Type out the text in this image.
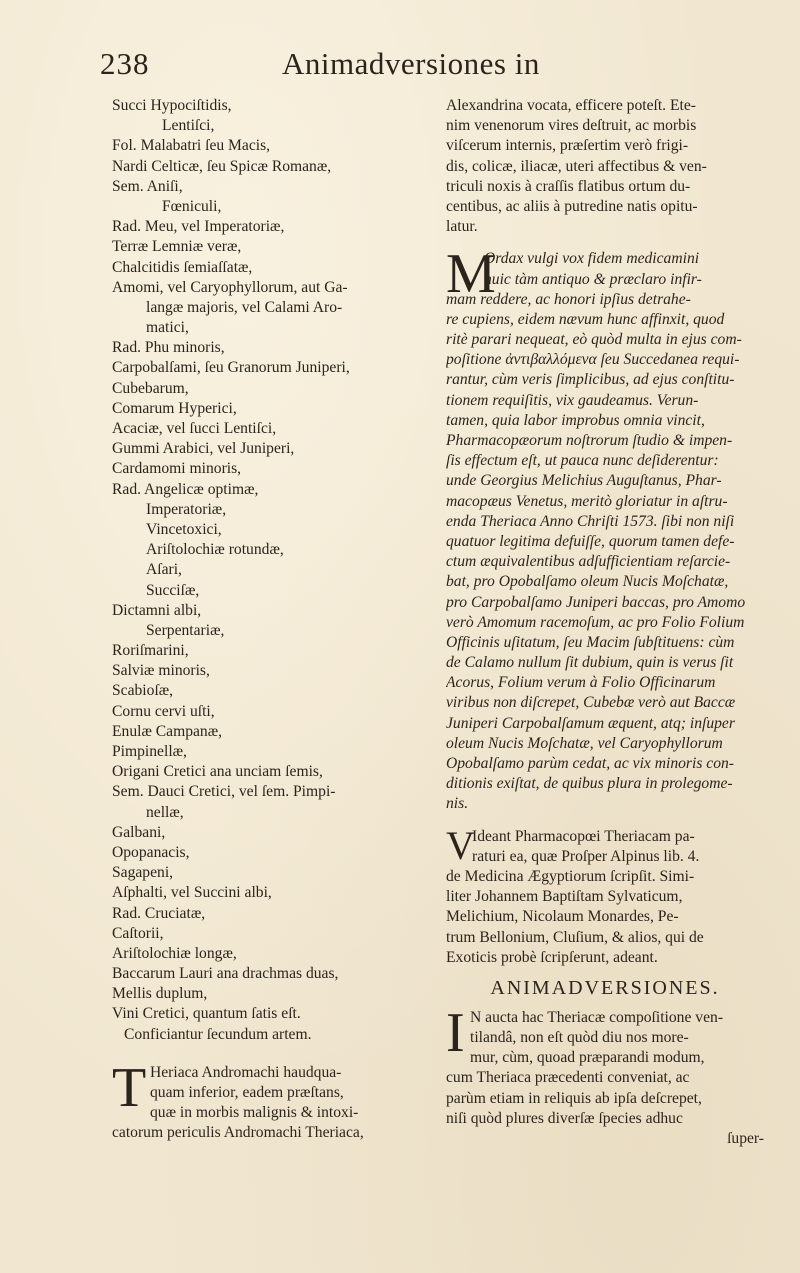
238	Animadversiones in
Succi Hypociſtidis,
Lentiſci,
Fol. Malabatri ſeu Macis,
Nardi Celticæ, ſeu Spicæ Romanæ,
Sem. Aniſi,
Fœniculi,
Rad. Meu, vel Imperatoriæ,
Terræ Lemniæ veræ,
Chalcitidis ſemiaſſatæ,
Amomi, vel Caryophyllorum, aut Ga-
langæ majoris, vel Calami Aro-
matici,
Rad. Phu minoris,
Carpobalſami, ſeu Granorum Juniperi,
Cubebarum,
Comarum Hyperici,
Acaciæ, vel ſucci Lentiſci,
Gummi Arabici, vel Juniperi,
Cardamomi minoris,
Rad. Angelicæ optimæ,
Imperatoriæ,
Vincetoxici,
Ariſtolochiæ rotundæ,
Aſari,
Succiſæ,
Dictamni albi,
Serpentariæ,
Roriſmarini,
Salviæ minoris,
Scabioſæ,
Cornu cervi uſti,
Enulæ Campanæ,
Pimpinellæ,
Origani Cretici ana unciam ſemis,
Sem. Dauci Cretici, vel ſem. Pimpi-
nellæ,
Galbani,
Opopanacis,
Sagapeni,
Aſphalti, vel Succini albi,
Rad. Cruciatæ,
Caſtorii,
Ariſtolochiæ longæ,
Baccarum Lauri ana drachmas duas,
Mellis duplum,
Vini Cretici, quantum ſatis eſt.
Conficiantur ſecundum artem.
T Heriaca Andromachi haudqua-
quam inferior, eadem præſtans,
quæ in morbis malignis & intoxi-
catorum periculis Andromachi Theriaca,
Alexandrina vocata, efficere poteſt. Ete-
nim venenorum vires deſtruit, ac morbis
viſcerum internis, præſertim verò frigi-
dis, colicæ, iliacæ, uteri affectibus & ven-
triculi noxis à craſſis flatibus ortum du-
centibus, ac aliis à putredine natis opitu-
latur.
M
Ordax vulgi vox fidem medicamini
huic tàm antiquo & præclaro infir-
mam reddere, ac honori ipſius detrahe-
re cupiens, eidem nævum hunc affinxit, quod
ritè parari nequeat, eò quòd multa in ejus com-
poſitione ἀντιβαλλόμενα ſeu Succedanea requi-
rantur, cùm veris ſimplicibus, ad ejus conſtitu-
tionem requiſitis, vix gaudeamus. Verun-
tamen, quia labor improbus omnia vincit,
Pharmacopæorum noſtrorum ſtudio & impen-
ſis effectum eſt, ut pauca nunc deſiderentur:
unde Georgius Melichius Auguſtanus, Phar-
macopæus Venetus, meritò gloriatur in aſtru-
enda Theriaca Anno Chriſti 1573. ſibi non niſi
quatuor legitima defuiſſe, quorum tamen defe-
ctum æquivalentibus adſufficientiam reſarcie-
bat, pro Opobalſamo oleum Nucis Moſchatæ,
pro Carpobalſamo Juniperi baccas, pro Amomo
verò Amomum racemoſum, ac pro Folio Folium
Officinis uſitatum, ſeu Macim ſubſtituens: cùm
de Calamo nullum ſit dubium, quin is verus ſit
Acorus, Folium verum à Folio Officinarum
viribus non diſcrepet, Cubebæ verò aut Baccæ
Juniperi Carpobalſamum æquent, atq; inſuper
oleum Nucis Moſchatæ, vel Caryophyllorum
Opobalſamo parùm cedat, ac vix minoris con-
ditionis exiſtat, de quibus plura in prolegome-
nis.
V
Ideant Pharmacopœi Theriacam pa-
raturi ea, quæ Proſper Alpinus lib. 4.
de Medicina Ægyptiorum ſcripſit. Simi-
liter Johannem Baptiſtam Sylvaticum,
Melichium, Nicolaum Monardes, Pe-
trum Bellonium, Cluſium, & alios, qui de
Exoticis probè ſcripſerunt, adeant.
ANIMADVERSIONES.
I N aucta hac Theriacæ compoſitione ven-
tilandâ, non eſt quòd diu nos more-
mur, cùm, quoad præparandi modum,
cum Theriaca præcedenti conveniat, ac
parùm etiam in reliquis ab ipſa deſcrepet,
niſi quòd plures diverſæ ſpecies adhuc
ſuper-
